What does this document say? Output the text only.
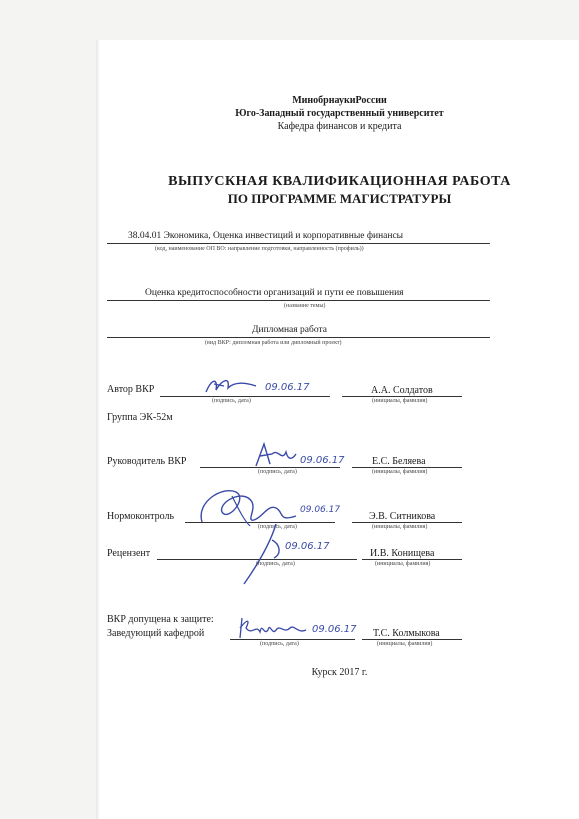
МинобрнаукиРоссии
Юго-Западный государственный университет
Кафедра финансов и кредита
ВЫПУСКНАЯ КВАЛИФИКАЦИОННАЯ РАБОТА
ПО ПРОГРАММЕ МАГИСТРАТУРЫ
38.04.01 Экономика, Оценка инвестиций и корпоративные финансы
(код, наименование ОП ВО: направление подготовки, направленность (профиль))
Оценка кредитоспособности организаций и пути ее повышения
(название темы)
Дипломная работа
(вид ВКР: дипломная работа или дипломный проект)
Автор ВКР	09.06.17
(подпись, дата)
А.А. Солдатов
(инициалы, фамилия)
Группа ЭК-52м
Руководитель ВКР	09.06.17
(подпись, дата)
Е.С. Беляева
(инициалы, фамилия)
Нормоконтроль
09.06.17
(подпись, дата)
Э.В. Ситникова
(инициалы, фамилия)
Рецензент
09.06.17
(подпись, дата)
И.В. Конищева
(инициалы, фамилия)
ВКР допущена к защите:
Заведующий кафедрой	09.06.17
(подпись, дата)
Т.С. Колмыкова
(инициалы, фамилия)
Курск 2017 г.
